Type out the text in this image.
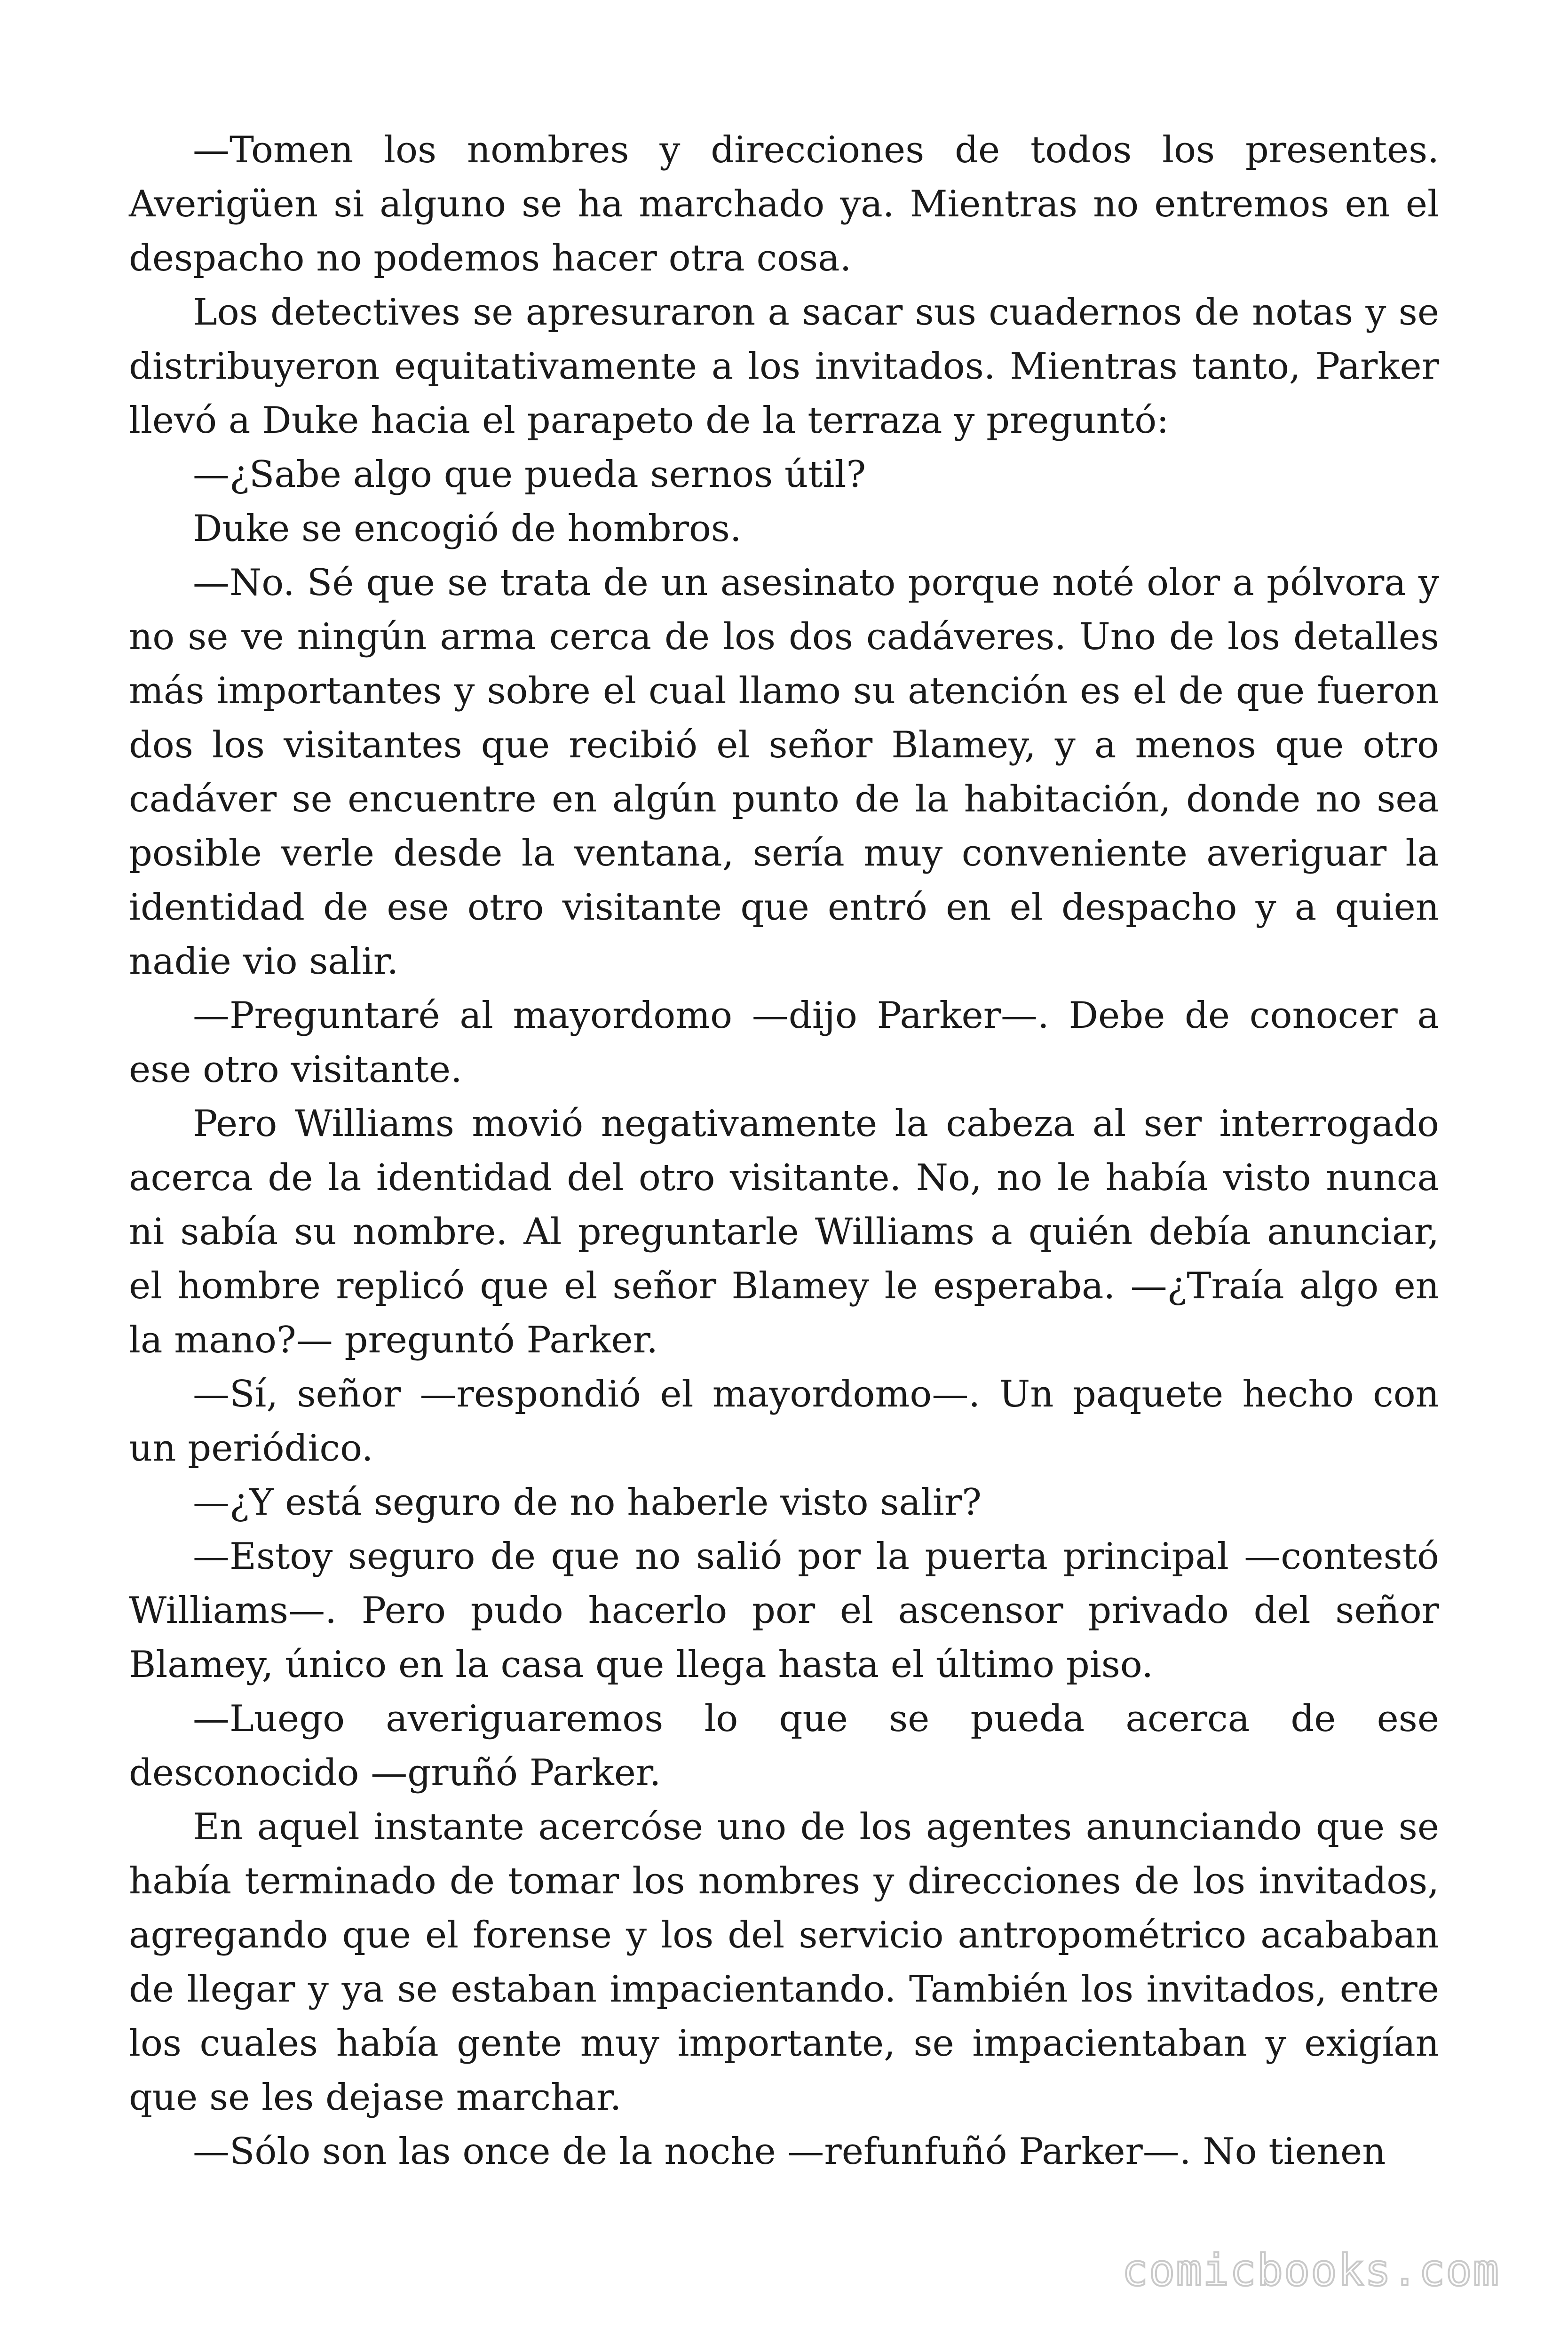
—Tomen los nombres y direcciones de todos los presentes. Averigüen si alguno se ha marchado ya. Mientras no entremos en el despacho no podemos hacer otra cosa.

Los detectives se apresuraron a sacar sus cuadernos de notas y se distribuyeron equitativamente a los invitados. Mientras tanto, Parker llevó a Duke hacia el parapeto de la terraza y preguntó:

—¿Sabe algo que pueda sernos útil?

Duke se encogió de hombros.

—No. Sé que se trata de un asesinato porque noté olor a pólvora y no se ve ningún arma cerca de los dos cadáveres. Uno de los detalles más importantes y sobre el cual llamo su atención es el de que fueron dos los visitantes que recibió el señor Blamey, y a menos que otro cadáver se encuentre en algún punto de la habitación, donde no sea posible verle desde la ventana, sería muy conveniente averiguar la identidad de ese otro visitante que entró en el despacho y a quien nadie vio salir.

—Preguntaré al mayordomo —dijo Parker—. Debe de conocer a ese otro visitante.

Pero Williams movió negativamente la cabeza al ser interrogado acerca de la identidad del otro visitante. No, no le había visto nunca ni sabía su nombre. Al preguntarle Williams a quién debía anunciar, el hombre replicó que el señor Blamey le esperaba. —¿Traía algo en la mano?— preguntó Parker.

—Sí, señor —respondió el mayordomo—. Un paquete hecho con un periódico.

—¿Y está seguro de no haberle visto salir?

—Estoy seguro de que no salió por la puerta principal —contestó Williams—. Pero pudo hacerlo por el ascensor privado del señor Blamey, único en la casa que llega hasta el último piso.

—Luego averiguaremos lo que se pueda acerca de ese desconocido —gruñó Parker.

En aquel instante acercóse uno de los agentes anunciando que se había terminado de tomar los nombres y direcciones de los invitados, agregando que el forense y los del servicio antropométrico acababan de llegar y ya se estaban impacientando. También los invitados, entre los cuales había gente muy importante, se impacientaban y exigían que se les dejase marchar.

—Sólo son las once de la noche —refunfuñó Parker—. No tienen

comicbooks.com
